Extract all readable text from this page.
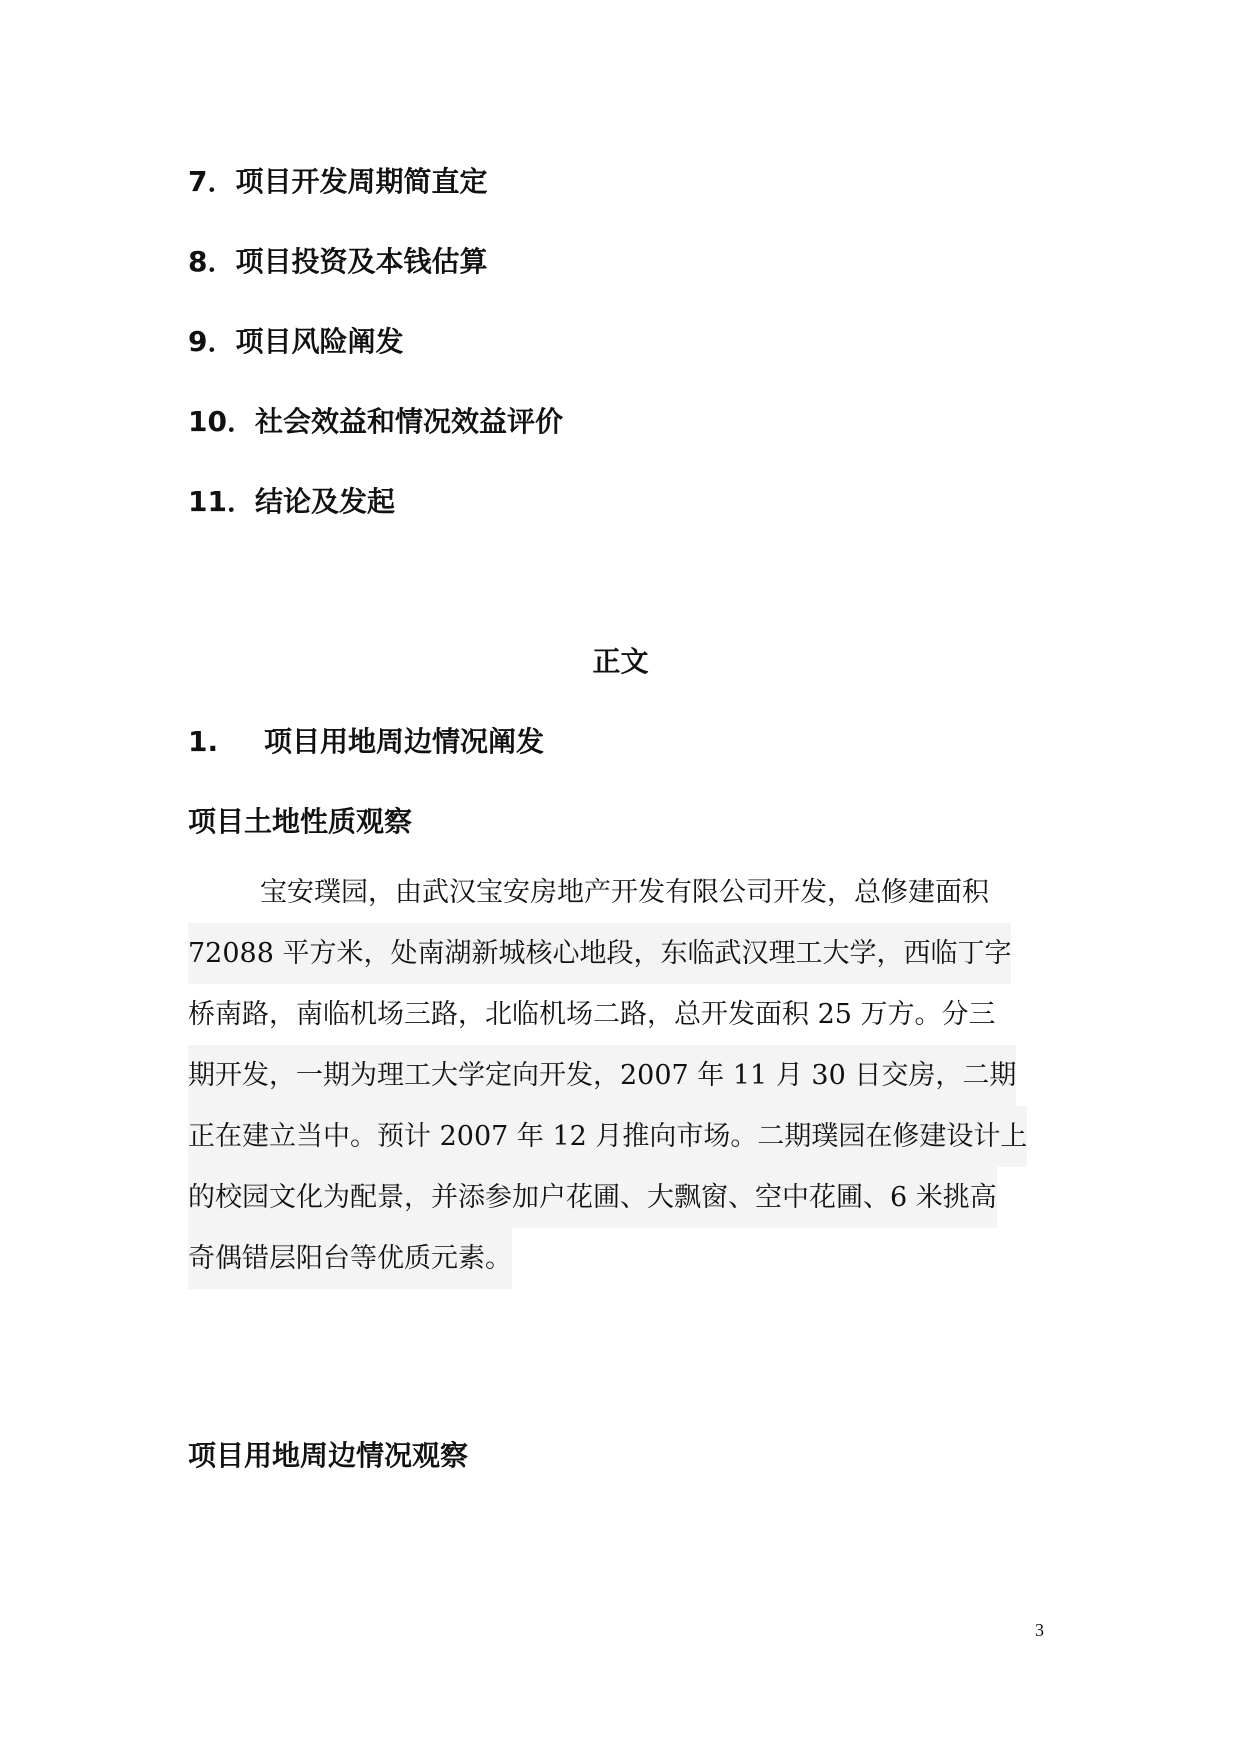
7．项目开发周期简直定
8．项目投资及本钱估算
9．项目风险阐发
10．社会效益和情况效益评价
11．结论及发起
正文
1. 项目用地周边情况阐发
项目土地性质观察
宝安璞园，由武汉宝安房地产开发有限公司开发，总修建面积
72088 平方米，处南湖新城核心地段，东临武汉理工大学，西临丁字
桥南路，南临机场三路，北临机场二路，总开发面积 25 万方。分三
期开发，一期为理工大学定向开发，2007 年 11 月 30 日交房，二期
正在建立当中。预计 2007 年 12 月推向市场。二期璞园在修建设计上
的校园文化为配景，并添参加户花圃、大飘窗、空中花圃、6 米挑高
奇偶错层阳台等优质元素。
项目用地周边情况观察
3
